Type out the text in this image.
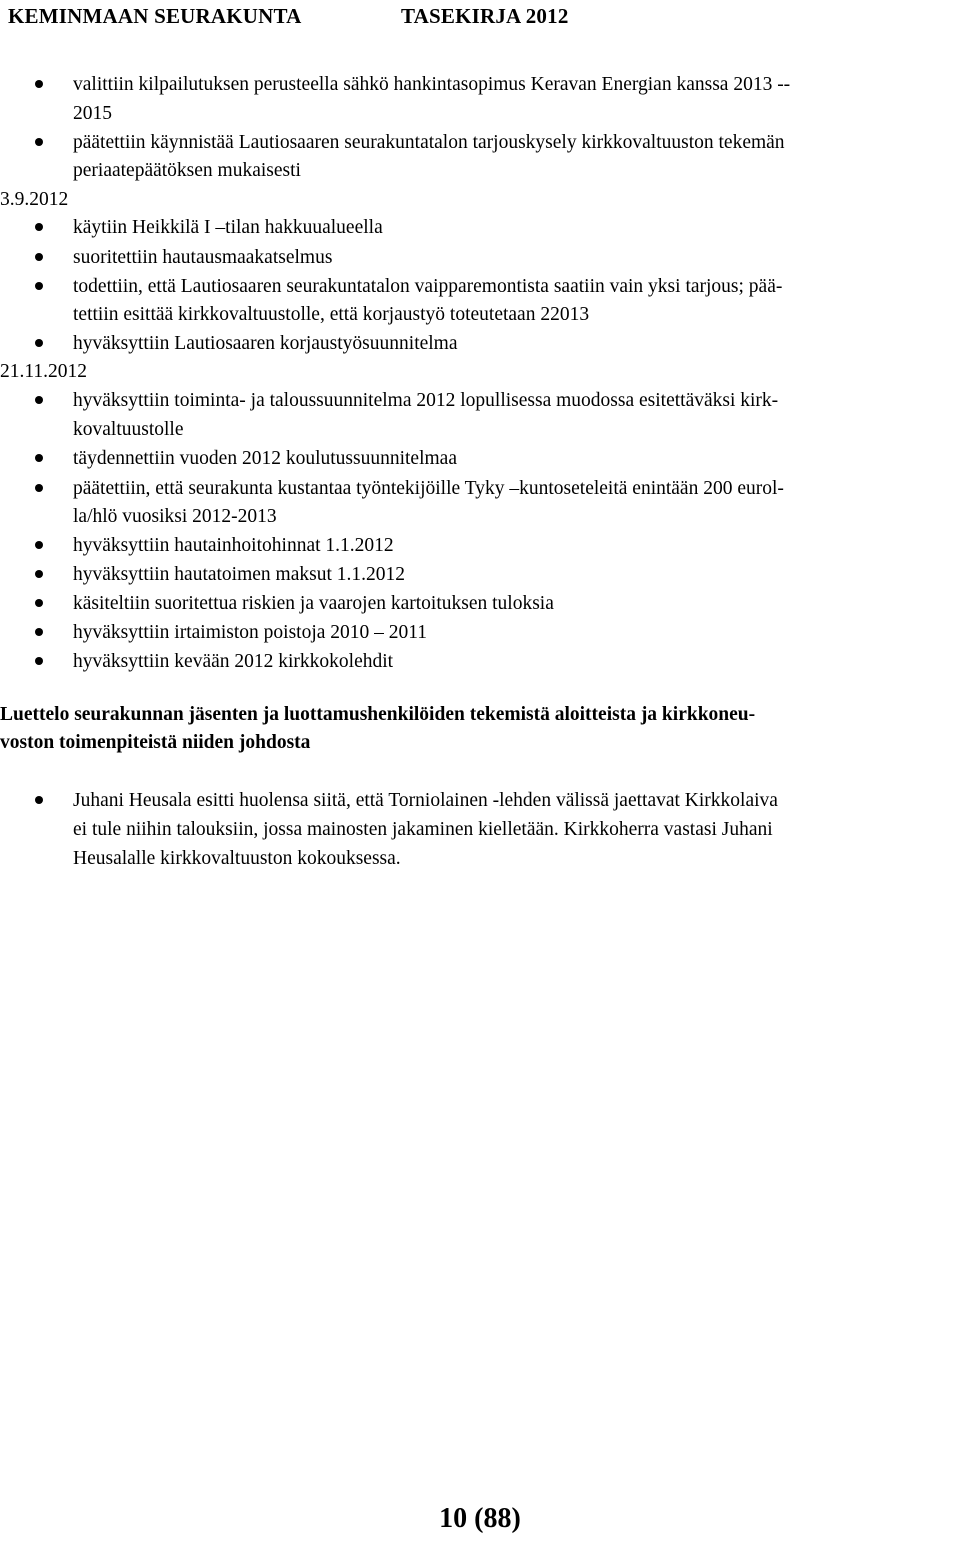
KEMINMAAN SEURAKUNTA	TASEKIRJA 2012
valittiin kilpailutuksen perusteella sähkö hankintasopimus Keravan Energian kanssa 2013 --
2015
päätettiin käynnistää Lautiosaaren seurakuntatalon tarjouskysely kirkkovaltuuston tekemän
periaatepäätöksen mukaisesti
3.9.2012
käytiin Heikkilä I –tilan hakkuualueella
suoritettiin hautausmaakatselmus
todettiin, että Lautiosaaren seurakuntatalon vaipparemontista saatiin vain yksi tarjous; pää-
tettiin esittää kirkkovaltuustolle, että korjaustyö toteutetaan 22013
hyväksyttiin Lautiosaaren korjaustyösuunnitelma
21.11.2012
hyväksyttiin toiminta- ja taloussuunnitelma 2012 lopullisessa muodossa esitettäväksi kirk-
kovaltuustolle
täydennettiin vuoden 2012 koulutussuunnitelmaa
päätettiin, että seurakunta kustantaa työntekijöille Tyky –kuntoseteleitä enintään 200 eurol-
la/hlö vuosiksi 2012-2013
hyväksyttiin hautainhoitohinnat 1.1.2012
hyväksyttiin hautatoimen maksut 1.1.2012
käsiteltiin suoritettua riskien ja vaarojen kartoituksen tuloksia
hyväksyttiin irtaimiston poistoja 2010 – 2011
hyväksyttiin kevään 2012 kirkkokolehdit
Luettelo seurakunnan jäsenten ja luottamushenkilöiden tekemistä aloitteista ja kirkkoneu-
voston toimenpiteistä niiden johdosta
Juhani Heusala esitti huolensa siitä, että Torniolainen -lehden välissä jaettavat Kirkkolaiva
ei tule niihin talouksiin, jossa mainosten jakaminen kielletään. Kirkkoherra vastasi Juhani
Heusalalle kirkkovaltuuston kokouksessa.
10 (88)
